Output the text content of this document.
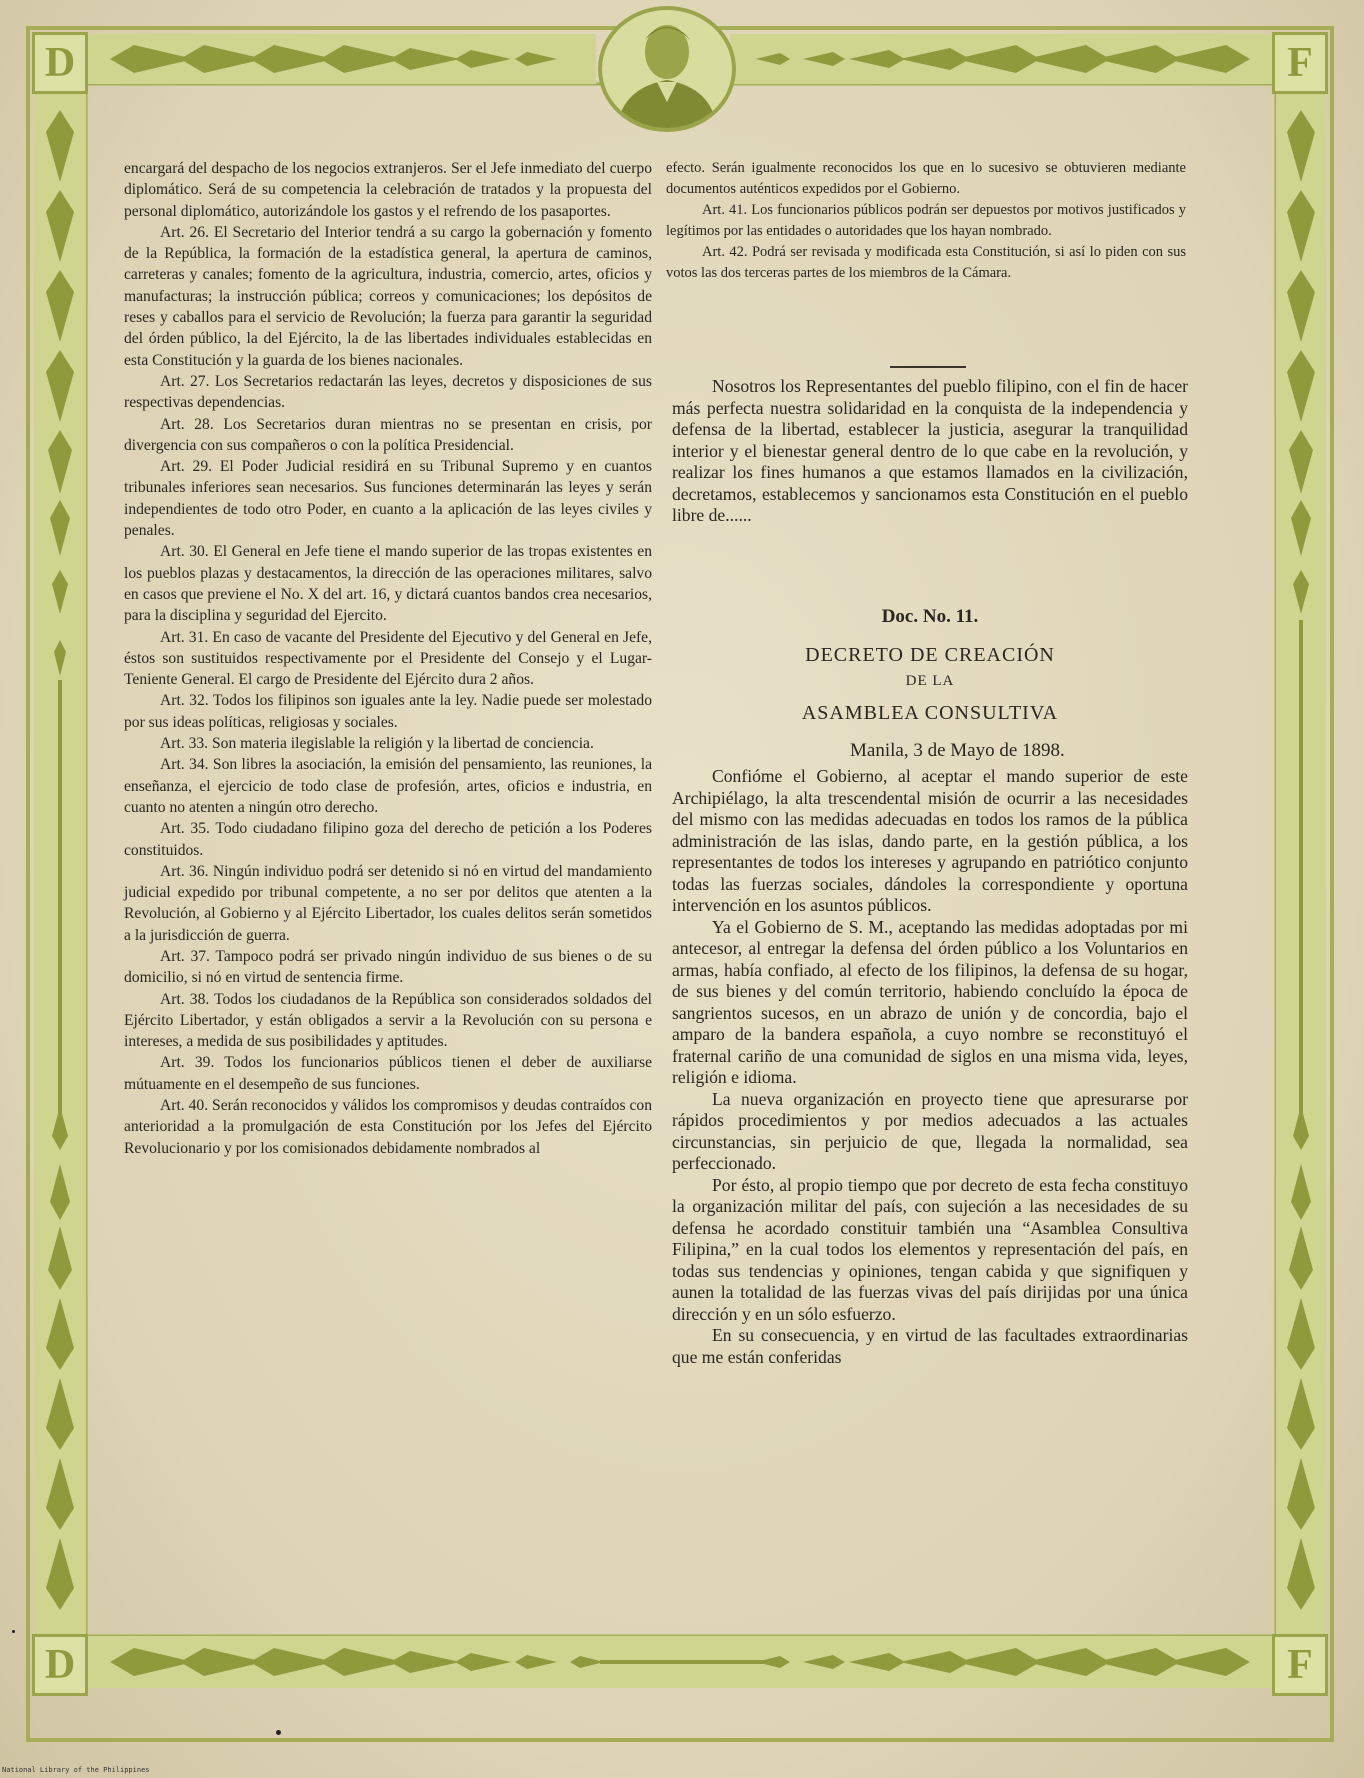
D	F
D	F

encargará del despacho de los negocios extranjeros. Ser el Jefe inmediato del cuerpo diplomático. Será de su competencia la celebración de tratados y la propuesta del personal diplomático, autorizándole los gastos y el refrendo de los pasaportes.

Art. 26. El Secretario del Interior tendrá a su cargo la gobernación y fomento de la República, la formación de la estadística general, la apertura de caminos, carreteras y canales; fomento de la agricultura, industria, comercio, artes, oficios y manufacturas; la instrucción pública; correos y comunicaciones; los depósitos de reses y caballos para el servicio de Revolución; la fuerza para garantir la seguridad del órden público, la del Ejército, la de las libertades individuales establecidas en esta Constitución y la guarda de los bienes nacionales.

Art. 27. Los Secretarios redactarán las leyes, decretos y disposiciones de sus respectivas dependencias.

Art. 28. Los Secretarios duran mientras no se presentan en crisis, por divergencia con sus compañeros o con la política Presidencial.

Art. 29. El Poder Judicial residirá en su Tribunal Supremo y en cuantos tribunales inferiores sean necesarios. Sus funciones determinarán las leyes y serán independientes de todo otro Poder, en cuanto a la aplicación de las leyes civiles y penales.

Art. 30. El General en Jefe tiene el mando superior de las tropas existentes en los pueblos plazas y destacamentos, la dirección de las operaciones militares, salvo en casos que previene el No. X del art. 16, y dictará cuantos bandos crea necesarios, para la disciplina y seguridad del Ejercito.

Art. 31. En caso de vacante del Presidente del Ejecutivo y del General en Jefe, éstos son sustituidos respectivamente por el Presidente del Consejo y el Lugar-Teniente General. El cargo de Presidente del Ejército dura 2 años.

Art. 32. Todos los filipinos son iguales ante la ley. Nadie puede ser molestado por sus ideas políticas, religiosas y sociales.

Art. 33. Son materia ilegislable la religión y la libertad de conciencia.

Art. 34. Son libres la asociación, la emisión del pensamiento, las reuniones, la enseñanza, el ejercicio de todo clase de profesión, artes, oficios e industria, en cuanto no atenten a ningún otro derecho.

Art. 35. Todo ciudadano filipino goza del derecho de petición a los Poderes constituidos.

Art. 36. Ningún individuo podrá ser detenido si nó en virtud del mandamiento judicial expedido por tribunal competente, a no ser por delitos que atenten a la Revolución, al Gobierno y al Ejército Libertador, los cuales delitos serán sometidos a la jurisdicción de guerra.

Art. 37. Tampoco podrá ser privado ningún individuo de sus bienes o de su domicilio, si nó en virtud de sentencia firme.

Art. 38. Todos los ciudadanos de la República son considerados soldados del Ejército Libertador, y están obligados a servir a la Revolución con su persona e intereses, a medida de sus posibilidades y aptitudes.

Art. 39. Todos los funcionarios públicos tienen el deber de auxiliarse mútuamente en el desempeño de sus funciones.

Art. 40. Serán reconocidos y válidos los compromisos y deudas contraídos con anterioridad a la promulgación de esta Constitución por los Jefes del Ejército Revolucionario y por los comisionados debidamente nombrados al

efecto. Serán igualmente reconocidos los que en lo sucesivo se obtuvieren mediante documentos auténticos expedidos por el Gobierno.

Art. 41. Los funcionarios públicos podrán ser depuestos por motivos justificados y legítimos por las entidades o autoridades que los hayan nombrado.

Art. 42. Podrá ser revisada y modificada esta Constitución, si así lo piden con sus votos las dos terceras partes de los miembros de la Cámara.

Nosotros los Representantes del pueblo filipino, con el fin de hacer más perfecta nuestra solidaridad en la conquista de la independencia y defensa de la libertad, establecer la justicia, asegurar la tranquilidad interior y el bienestar general dentro de lo que cabe en la revolución, y realizar los fines humanos a que estamos llamados en la civilización, decretamos, establecemos y sancionamos esta Constitución en el pueblo libre de......

Doc. No. 11.
DECRETO DE CREACIÓN
DE LA
ASAMBLEA CONSULTIVA
Manila, 3 de Mayo de 1898.

Confióme el Gobierno, al aceptar el mando superior de este Archipiélago, la alta trescendental misión de ocurrir a las necesidades del mismo con las medidas adecuadas en todos los ramos de la pública administración de las islas, dando parte, en la gestión pública, a los representantes de todos los intereses y agrupando en patriótico conjunto todas las fuerzas sociales, dándoles la correspondiente y oportuna intervención en los asuntos públicos.

Ya el Gobierno de S. M., aceptando las medidas adoptadas por mi antecesor, al entregar la defensa del órden público a los Voluntarios en armas, había confiado, al efecto de los filipinos, la defensa de su hogar, de sus bienes y del común territorio, habiendo concluído la época de sangrientos sucesos, en un abrazo de unión y de concordia, bajo el amparo de la bandera española, a cuyo nombre se reconstituyó el fraternal cariño de una comunidad de siglos en una misma vida, leyes, religión e idioma.

La nueva organización en proyecto tiene que apresurarse por rápidos procedimientos y por medios adecuados a las actuales circunstancias, sin perjuicio de que, llegada la normalidad, sea perfeccionado.

Por ésto, al propio tiempo que por decreto de esta fecha constituyo la organización militar del país, con sujeción a las necesidades de su defensa he acordado constituir también una “Asamblea Consultiva Filipina,” en la cual todos los elementos y representación del país, en todas sus tendencias y opiniones, tengan cabida y que signifiquen y aunen la totalidad de las fuerzas vivas del país dirijidas por una única dirección y en un sólo esfuerzo.

En su consecuencia, y en virtud de las facultades extraordinarias que me están conferidas

National Library of the Philippines
